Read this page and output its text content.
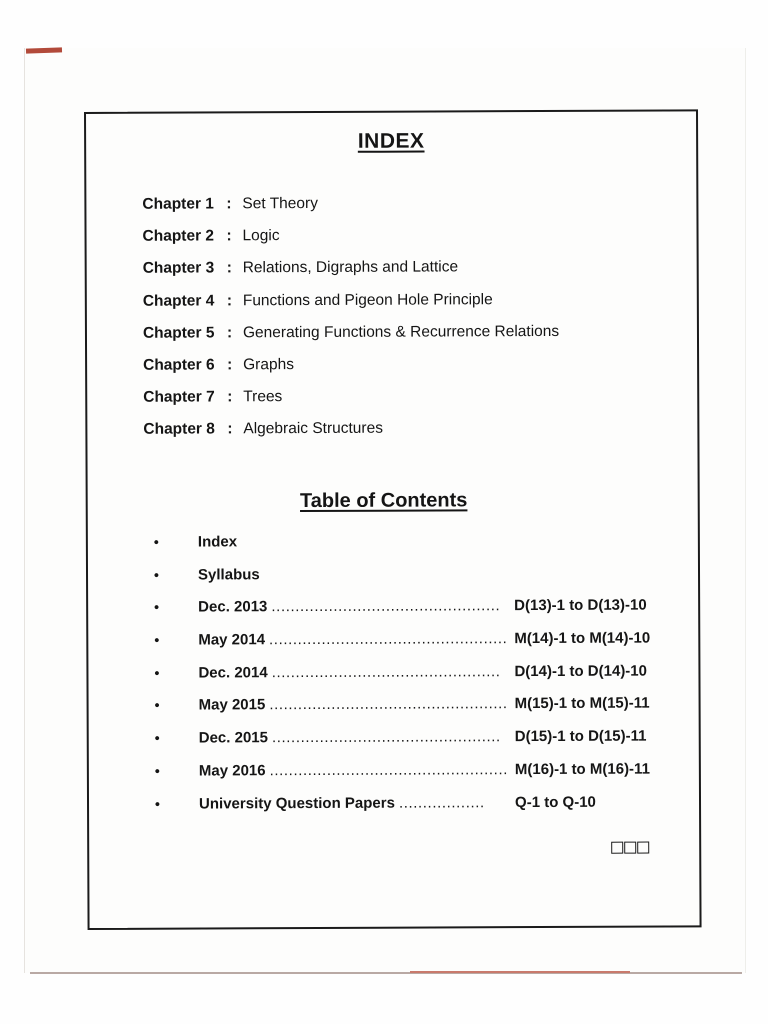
INDEX
Chapter 1 : Set Theory
Chapter 2 : Logic
Chapter 3 : Relations, Digraphs and Lattice
Chapter 4 : Functions and Pigeon Hole Principle
Chapter 5 : Generating Functions & Recurrence Relations
Chapter 6 : Graphs
Chapter 7 : Trees
Chapter 8 : Algebraic Structures
Table of Contents
•	Index
•	Syllabus
•	Dec. 2013 ................................................ D(13)-1 to D(13)-10
•	May 2014 .................................................. M(14)-1 to M(14)-10
•	Dec. 2014 ................................................ D(14)-1 to D(14)-10
•	May 2015 .................................................. M(15)-1 to M(15)-11
•	Dec. 2015 ................................................ D(15)-1 to D(15)-11
•	May 2016 .................................................. M(16)-1 to M(16)-11
•	University Question Papers ..................	Q-1 to Q-10
